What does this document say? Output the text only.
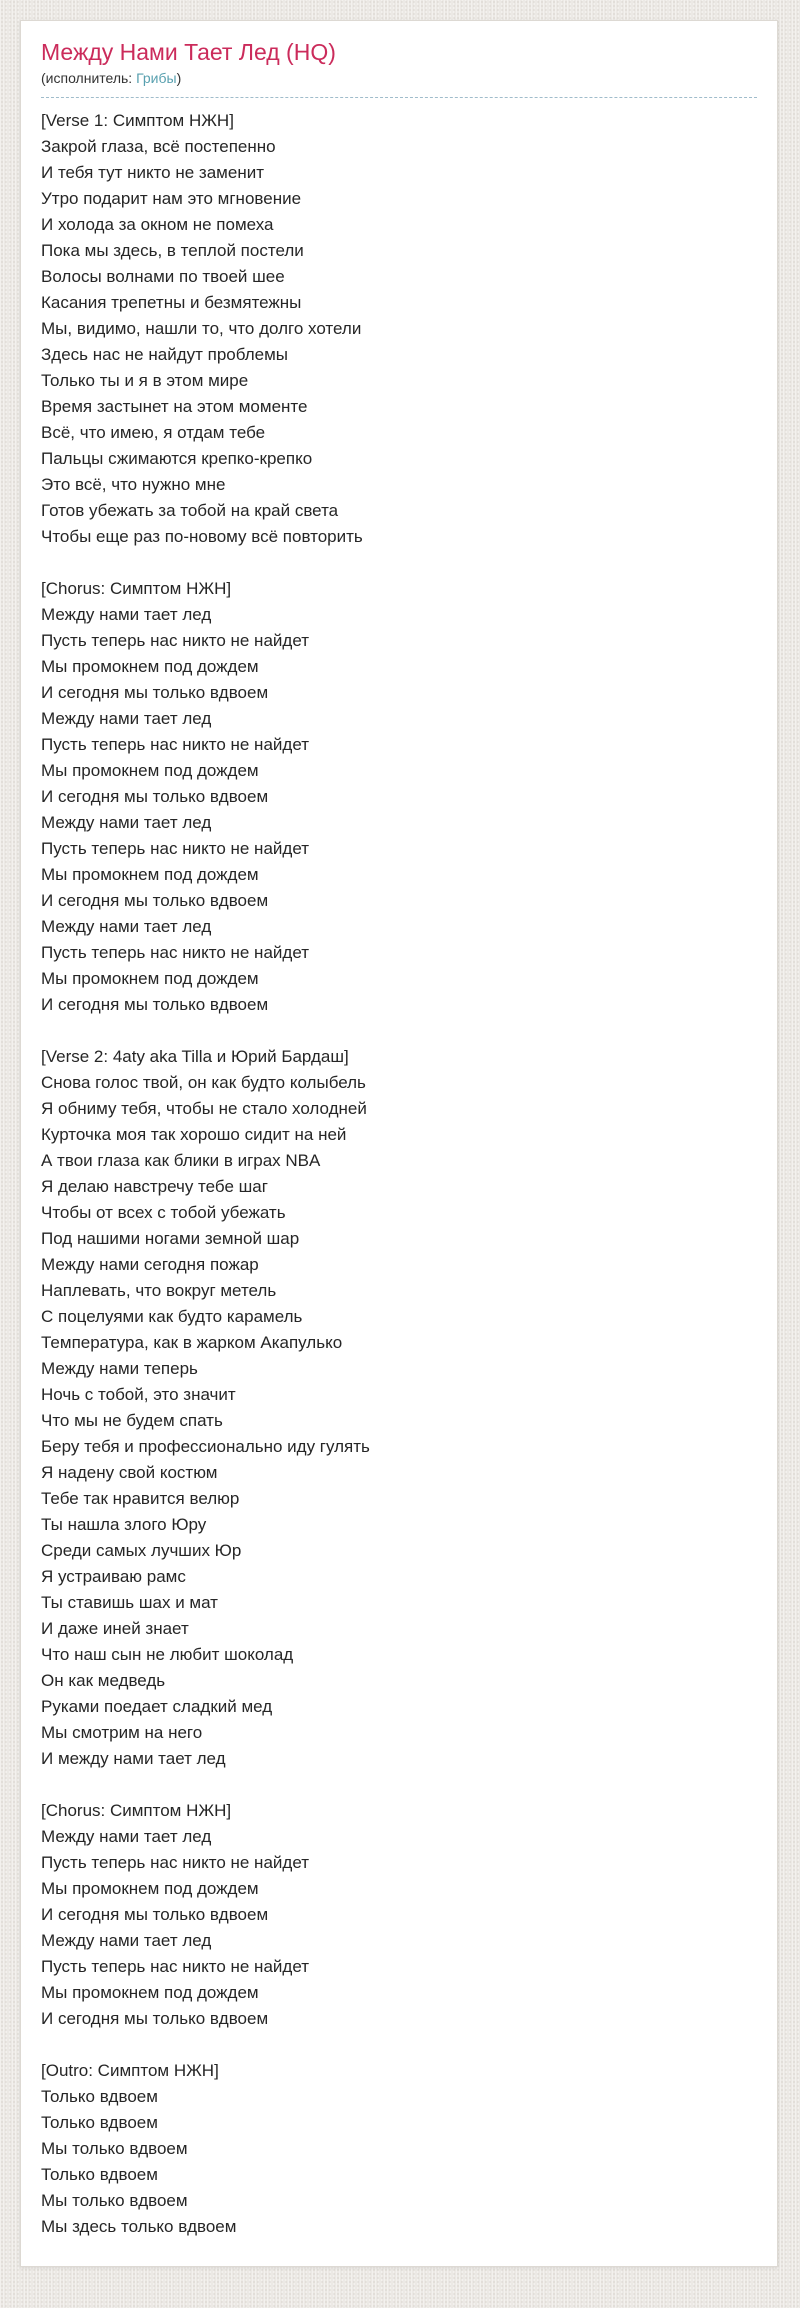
Между Нами Тает Лед (HQ)
(исполнитель: Грибы)
[Verse 1: Симптом НЖН]
Закрой глаза, всё постепенно
И тебя тут никто не заменит
Утро подарит нам это мгновение
И холода за окном не помеха
Пока мы здесь, в теплой постели
Волосы волнами по твоей шее
Касания трепетны и безмятежны
Мы, видимо, нашли то, что долго хотели
Здесь нас не найдут проблемы
Только ты и я в этом мире
Время застынет на этом моменте
Всё, что имею, я отдам тебе
Пальцы сжимаются крепко-крепко
Это всё, что нужно мне
Готов убежать за тобой на край света
Чтобы еще раз по-новому всё повторить
[Chorus: Симптом НЖН]
Между нами тает лед
Пусть теперь нас никто не найдет
Мы промокнем под дождем
И сегодня мы только вдвоем
Между нами тает лед
Пусть теперь нас никто не найдет
Мы промокнем под дождем
И сегодня мы только вдвоем
Между нами тает лед
Пусть теперь нас никто не найдет
Мы промокнем под дождем
И сегодня мы только вдвоем
Между нами тает лед
Пусть теперь нас никто не найдет
Мы промокнем под дождем
И сегодня мы только вдвоем
[Verse 2: 4aty aka Tilla и Юрий Бардаш]
Снова голос твой, он как будто колыбель
Я обниму тебя, чтобы не стало холодней
Курточка моя так хорошо сидит на ней
А твои глаза как блики в играх NBA
Я делаю навстречу тебе шаг
Чтобы от всех с тобой убежать
Под нашими ногами земной шар
Между нами сегодня пожар
Наплевать, что вокруг метель
С поцелуями как будто карамель
Температура, как в жарком Акапулько
Между нами теперь
Ночь с тобой, это значит
Что мы не будем спать
Беру тебя и профессионально иду гулять
Я надену свой костюм
Тебе так нравится велюр
Ты нашла злого Юру
Среди самых лучших Юр
Я устраиваю рамс
Ты ставишь шах и мат
И даже иней знает
Что наш сын не любит шоколад
Он как медведь
Руками поедает сладкий мед
Мы смотрим на него
И между нами тает лед
[Chorus: Симптом НЖН]
Между нами тает лед
Пусть теперь нас никто не найдет
Мы промокнем под дождем
И сегодня мы только вдвоем
Между нами тает лед
Пусть теперь нас никто не найдет
Мы промокнем под дождем
И сегодня мы только вдвоем
[Outro: Симптом НЖН]
Только вдвоем
Только вдвоем
Мы только вдвоем
Только вдвоем
Мы только вдвоем
Мы здесь только вдвоем
